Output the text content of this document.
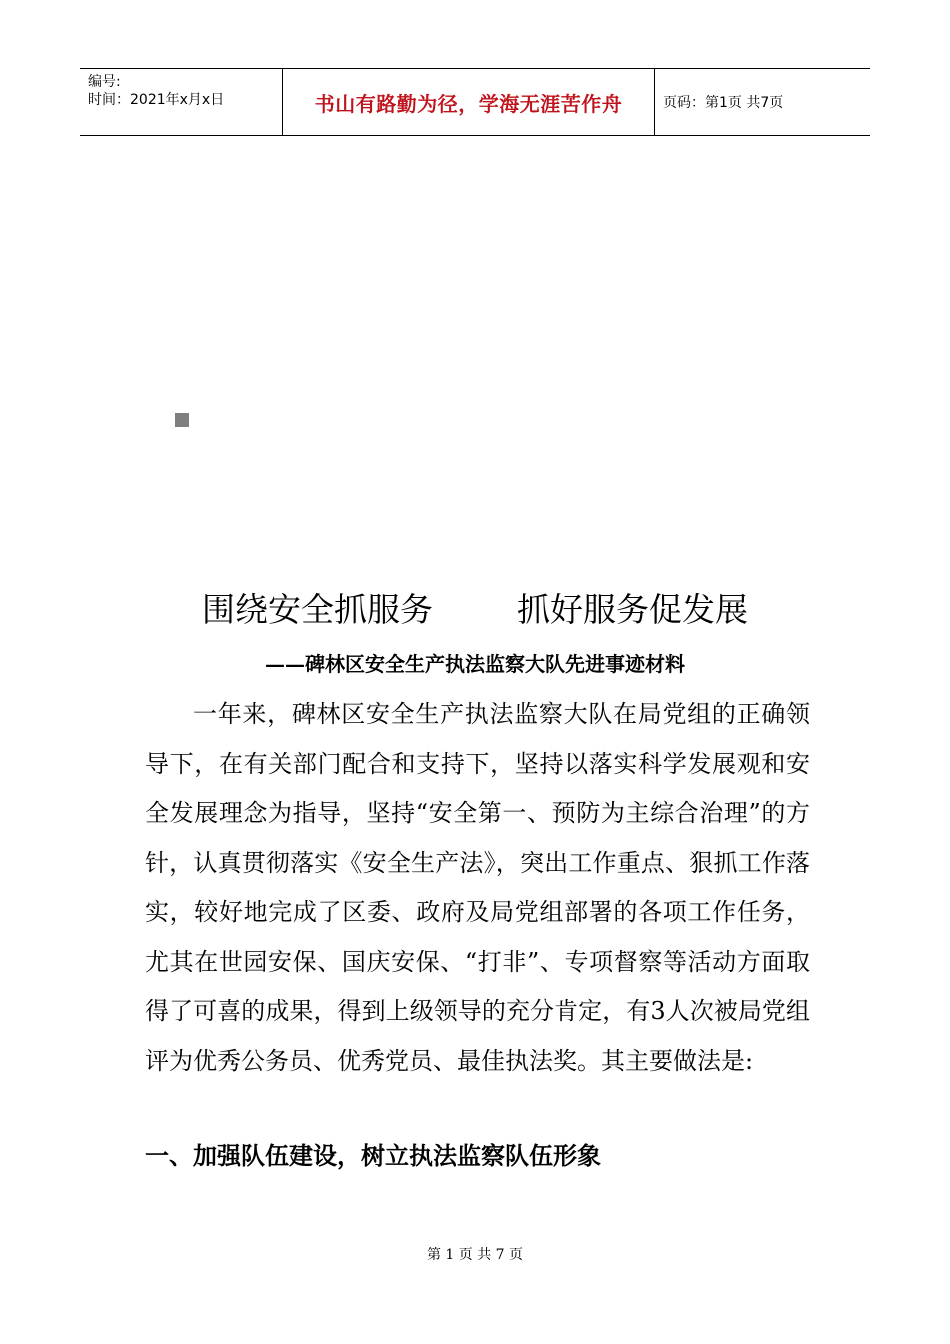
编号:
时间：2021年x月x日	书山有路勤为径，学海无涯苦作舟	页码：第1页 共7页
围绕安全抓服务	抓好服务促发展
——碑林区安全生产执法监察大队先进事迹材料

一年来，碑林区安全生产执法监察大队在局党组的正确领导下，在有关部门配合和支持下，坚持以落实科学发展观和安全发展理念为指导，坚持“安全第一、预防为主综合治理”的方针，认真贯彻落实《安全生产法》，突出工作重点、狠抓工作落实，较好地完成了区委、政府及局党组部署的各项工作任务，尤其在世园安保、国庆安保、“打非”、专项督察等活动方面取得了可喜的成果，得到上级领导的充分肯定，有3人次被局党组评为优秀公务员、优秀党员、最佳执法奖。其主要做法是:

一、加强队伍建设，树立执法监察队伍形象
第 1 页 共 7 页
